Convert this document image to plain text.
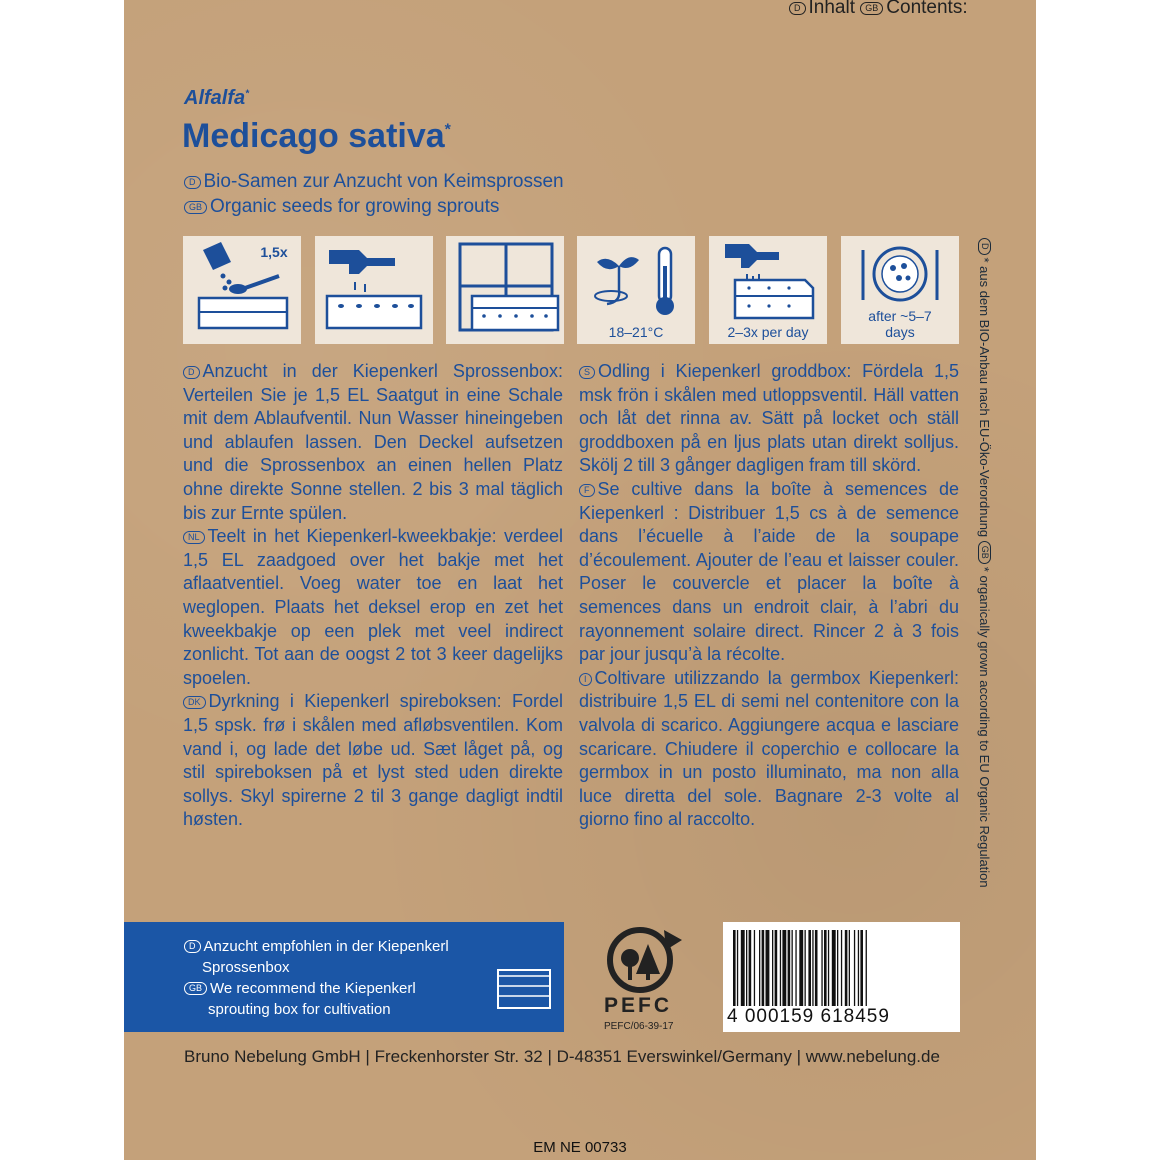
D Inhalt GB Contents:
Alfalfa*
Medicago sativa*
D Bio-Samen zur Anzucht von Keimsprossen
GB Organic seeds for growing sprouts
1,5x
18–21°C	2–3x per day
after ~5–7
days

D Anzucht in der Kiepenkerl Sprossenbox: Verteilen Sie je 1,5 EL Saatgut in eine Schale mit dem Ablaufventil. Nun Wasser hineingeben und ablaufen lassen. Den Deckel aufsetzen und die Sprossenbox an einen hellen Platz ohne direkte Sonne stellen. 2 bis 3 mal täglich bis zur Ernte spülen.

NL Teelt in het Kiepenkerl-kweekbakje: verdeel 1,5 EL zaadgoed over het bakje met het aflaatventiel. Voeg water toe en laat het weglopen. Plaats het deksel erop en zet het kweekbakje op een plek met veel indirect zonlicht. Tot aan de oogst 2 tot 3 keer dagelijks spoelen.

DK Dyrkning i Kiepenkerl spireboksen: Fordel 1,5 spsk. frø i skålen med afløbsventilen. Kom vand i, og lade det løbe ud. Sæt låget på, og stil spireboksen på et lyst sted uden direkte sollys. Skyl spirerne 2 til 3 gange dagligt indtil høsten.

S Odling i Kiepenkerl groddbox: Fördela 1,5 msk frön i skålen med utloppsventil. Häll vatten och låt det rinna av. Sätt på locket och ställ groddboxen på en ljus plats utan direkt solljus. Skölj 2 till 3 gånger dagligen fram till skörd.

F Se cultive dans la boîte à semences de Kiepenkerl : Distribuer 1,5 cs à de semence dans l’écuelle à l’aide de la soupape d’écoulement. Ajouter de l’eau et laisser couler. Poser le couvercle et placer la boîte à semences dans un endroit clair, à l’abri du rayonnement solaire direct. Rincer 2 à 3 fois par jour jusqu’à la récolte.

I Coltivare utilizzando la germbox Kiepenkerl: distribuire 1,5 EL di semi nel contenitore con la valvola di scarico. Aggiungere acqua e lasciare scaricare. Chiudere il coperchio e collocare la germbox in un posto illuminato, ma non alla luce diretta del sole. Bagnare 2-3 volte al giorno fino al raccolto.

D* aus dem BIO-Anbau nach EU-Öko-Verordnung GB* organically grown according to EU Organic Regulation
D Anzucht empfohlen in der Kiepenkerl
Sprossenbox
GB We recommend the Kiepenkerl
sprouting box for cultivation	PEFC
PEFC/06-39-17	4 000159 618459
Bruno Nebelung GmbH | Freckenhorster Str. 32 | D-48351 Everswinkel/Germany | www.nebelung.de
EM NE 00733
